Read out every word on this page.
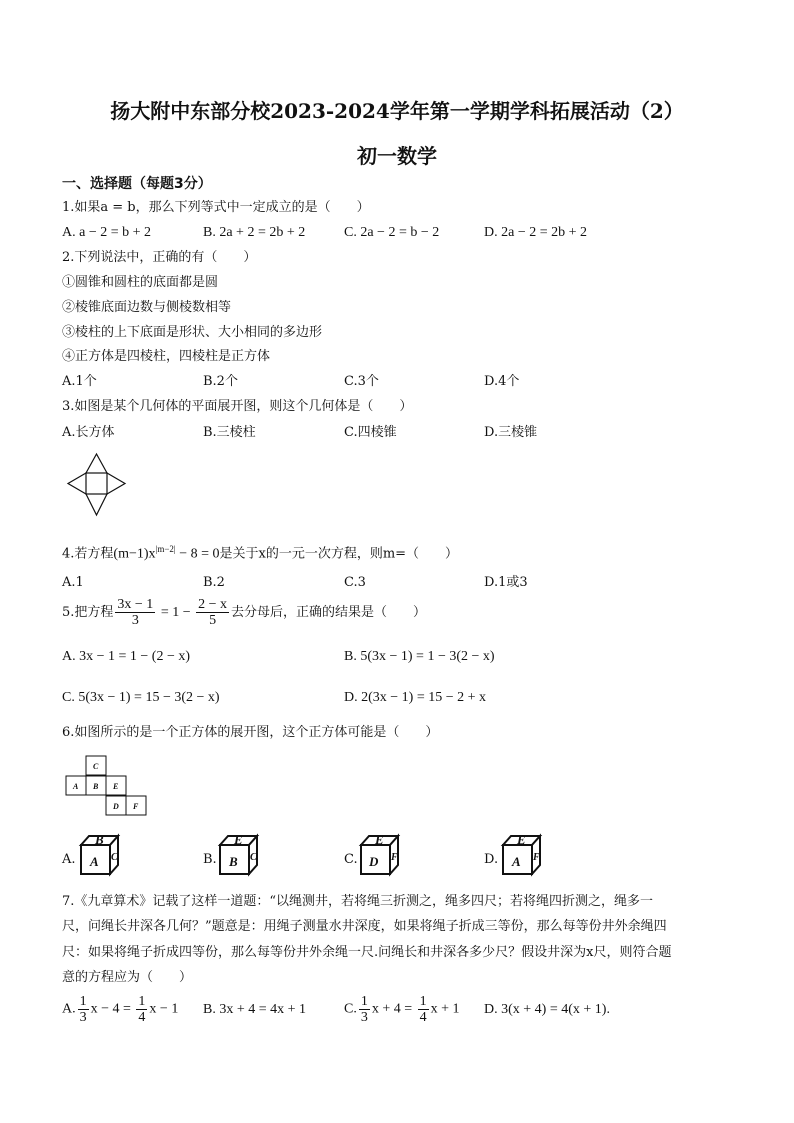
扬大附中东部分校2023-2024学年第一学期学科拓展活动（2）
初一数学
一、选择题（每题3分）
1.如果a = b，那么下列等式中一定成立的是（　　）
A. a − 2 = b + 2	B. 2a + 2 = 2b + 2	C. 2a − 2 = b − 2	D. 2a − 2 = 2b + 2
2.下列说法中，正确的有（　　）
①圆锥和圆柱的底面都是圆
②棱锥底面边数与侧棱数相等
③棱柱的上下底面是形状、大小相同的多边形
④正方体是四棱柱，四棱柱是正方体
A.1个	B.2个	C.3个	D.4个
3.如图是某个几何体的平面展开图，则这个几何体是（　　）
A.长方体	B.三棱柱	C.四棱锥	D.三棱锥
4.若方程$(m-1)x^{|m-2|} - 8 = 0$是关于x的一元一次方程，则m=（　　）
A.1	B.2	C.3	D.1或3
5.把方程 $\frac{3x - 1}{3} = 1 - \frac{2 - x}{5}$ 去分母后，正确的结果是（　　）
A. 3x − 1 = 1 − (2 − x)	B. 5(3x − 1) = 1 − 3(2 − x)
C. 5(3x − 1) = 15 − 3(2 − x)	D. 2(3x − 1) = 15 − 2 + x
6.如图所示的是一个正方体的展开图，这个正方体可能是（　　）
C
A B E
D F
A.
B
A C	B.
E
B C	C.
E
D F	D.
E
A F
7.《九章算术》记载了这样一道题：“以绳测井，若将绳三折测之，绳多四尺；若将绳四折测之，绳多一
尺，问绳长井深各几何？”题意是：用绳子测量水井深度，如果将绳子折成三等份，那么每等份井外余绳四
尺：如果将绳子折成四等份，那么每等份井外余绳一尺.问绳长和井深各多少尺？假设井深为x尺，则符合题
意的方程应为（　　）
A. $\frac{1}{3}$ $x - 4 = \frac{1}{4}$ x − 1 B. 3x + 4 = 4x + 1	C. $\frac{1}{3}$ $x + 4 = \frac{1}{4}$ x + 1 D. 3(x + 4) = 4(x + 1).
